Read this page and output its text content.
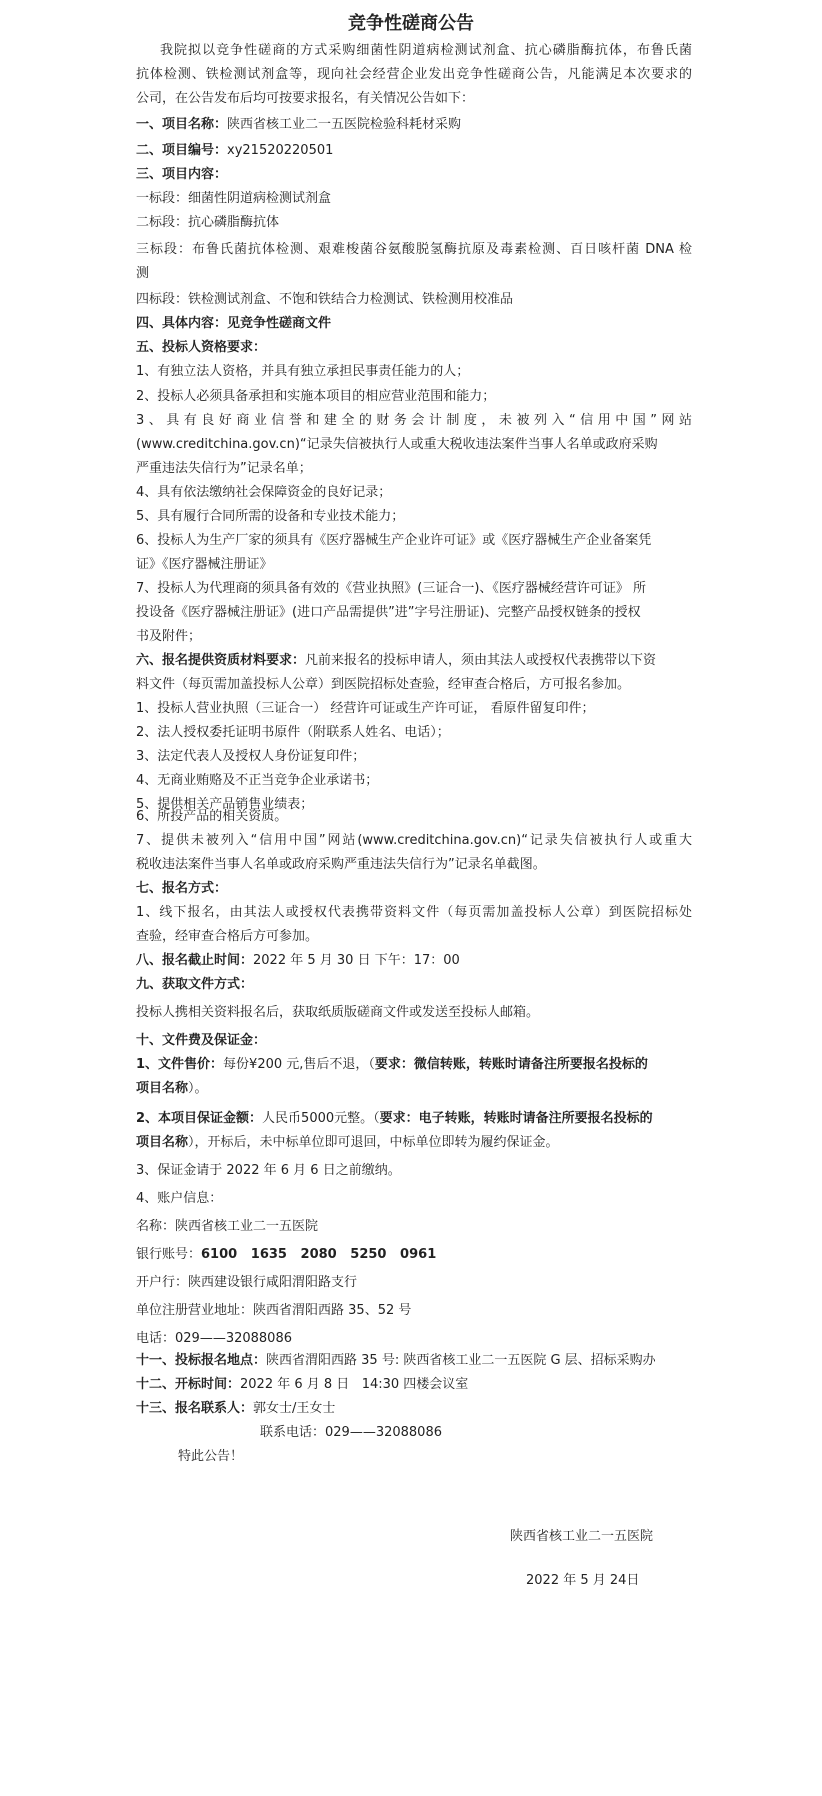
竞争性磋商公告
我院拟以竞争性磋商的方式采购细菌性阴道病检测试剂盒、抗心磷脂酶抗体，布鲁氏菌
抗体检测、铁检测试剂盒等，现向社会经营企业发出竞争性磋商公告，凡能满足本次要求的
公司，在公告发布后均可按要求报名，有关情况公告如下：
一、项目名称：陕西省核工业二一五医院检验科耗材采购
二、项目编号：xy21520220501
三、项目内容：
一标段：细菌性阴道病检测试剂盒
二标段：抗心磷脂酶抗体
三标段：布鲁氏菌抗体检测、艰难梭菌谷氨酸脱氢酶抗原及毒素检测、百日咳杆菌 DNA 检
测
四标段：铁检测试剂盒、不饱和铁结合力检测试、铁检测用校准品
四、具体内容：见竞争性磋商文件
五、投标人资格要求：
1、有独立法人资格，并具有独立承担民事责任能力的人；
2、投标人必须具备承担和实施本项目的相应营业范围和能力；
3、具有良好商业信誉和建全的财务会计制度，未被列入“信用中国”网站
(www.creditchina.gov.cn)“记录失信被执行人或重大税收违法案件当事人名单或政府采购
严重违法失信行为”记录名单；
4、具有依法缴纳社会保障资金的良好记录；
5、具有履行合同所需的设备和专业技术能力；
6、投标人为生产厂家的须具有《医疗器械生产企业许可证》或《医疗器械生产企业备案凭
证》《医疗器械注册证》
7、投标人为代理商的须具备有效的《营业执照》(三证合一)、《医疗器械经营许可证》 所
投设备《医疗器械注册证》(进口产品需提供”进”字号注册证)、完整产品授权链条的授权
书及附件；
六、报名提供资质材料要求：凡前来报名的投标申请人，须由其法人或授权代表携带以下资
料文件（每页需加盖投标人公章）到医院招标处查验，经审查合格后，方可报名参加。
1、投标人营业执照（三证合一） 经营许可证或生产许可证， 看原件留复印件；
2、法人授权委托证明书原件（附联系人姓名、电话）；
3、法定代表人及授权人身份证复印件；
4、无商业贿赂及不正当竞争企业承诺书；
5、提供相关产品销售业绩表；
6、所投产品的相关资质。
7、提供未被列入“信用中国”网站(www.creditchina.gov.cn)“记录失信被执行人或重大
税收违法案件当事人名单或政府采购严重违法失信行为”记录名单截图。
七、报名方式：
1、线下报名，由其法人或授权代表携带资料文件（每页需加盖投标人公章）到医院招标处
查验，经审查合格后方可参加。
八、报名截止时间：2022 年 5 月 30 日 下午：17：00
九、获取文件方式：
投标人携相关资料报名后，获取纸质版磋商文件或发送至投标人邮箱。
十、文件费及保证金：
1、文件售价：每份¥200 元,售后不退，（要求：微信转账，转账时请备注所要报名投标的
项目名称）。
2、本项目保证金额：人民币5000元整。（要求：电子转账，转账时请备注所要报名投标的
项目名称），开标后，未中标单位即可退回，中标单位即转为履约保证金。
3、保证金请于 2022 年 6 月 6 日之前缴纳。
4、账户信息：
名称：陕西省核工业二一五医院
银行账号：6100   1635   2080   5250   0961
开户行：陕西建设银行咸阳渭阳路支行
单位注册营业地址：陕西省渭阳西路 35、52 号
电话：029——32088086
十一、投标报名地点：陕西省渭阳西路 35 号: 陕西省核工业二一五医院 G 层、招标采购办
十二、开标时间：2022 年 6 月 8 日   14:30 四楼会议室
十三、报名联系人：郭女士/王女士
联系电话：029——32088086
特此公告！
陕西省核工业二一五医院
2022 年 5 月 24日
